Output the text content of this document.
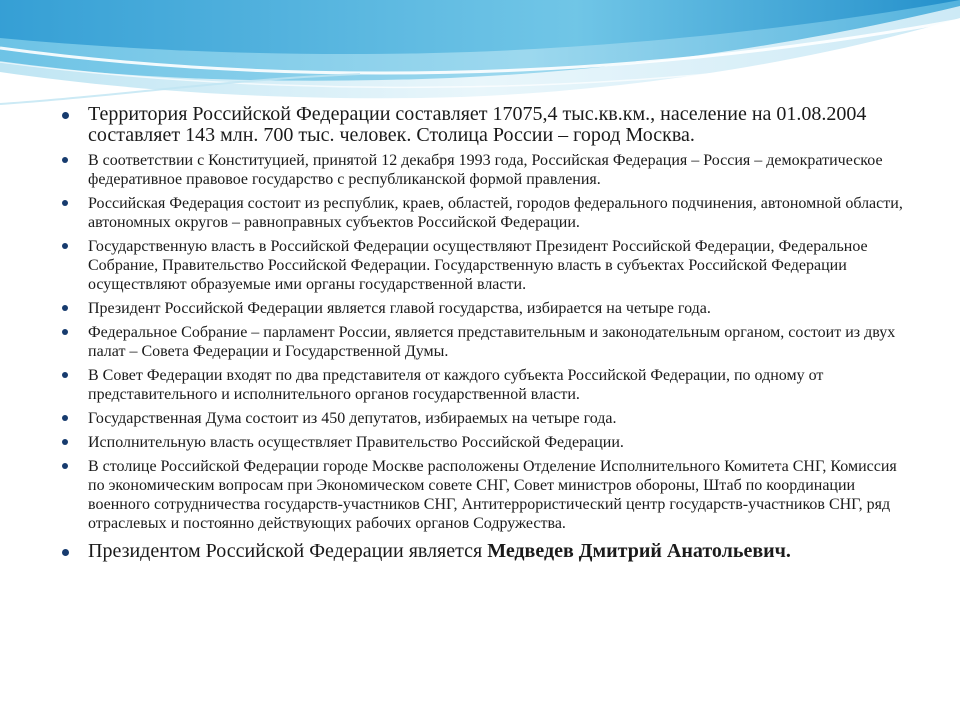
Территория Российской Федерации составляет 17075,4 тыс.кв.км., население на 01.08.2004 составляет 143 млн. 700 тыс. человек. Столица России – город Москва.
В соответствии с Конституцией, принятой 12 декабря 1993 года, Российская Федерация – Россия – демократическое федеративное правовое государство с республиканской формой правления.
Российская Федерация состоит из республик, краев, областей, городов федерального подчинения, автономной области, автономных округов – равноправных субъектов Российской Федерации.
Государственную власть в Российской Федерации осуществляют Президент Российской Федерации, Федеральное Собрание, Правительство Российской Федерации. Государственную власть в субъектах Российской Федерации осуществляют образуемые ими органы государственной власти.
Президент Российской Федерации является главой государства, избирается на четыре года.
Федеральное Собрание – парламент России, является представительным и законодательным органом, состоит из двух палат – Совета Федерации и Государственной Думы.
В Совет Федерации входят по два представителя от каждого субъекта Российской Федерации, по одному от представительного и исполнительного органов государственной власти.
Государственная Дума состоит из 450 депутатов, избираемых на четыре года.
Исполнительную власть осуществляет Правительство Российской Федерации.
В столице Российской Федерации городе Москве расположены Отделение Исполнительного Комитета СНГ, Комиссия по экономическим вопросам при Экономическом совете СНГ, Совет министров обороны, Штаб по координации военного сотрудничества государств-участников СНГ, Антитеррористический центр государств-участников СНГ, ряд отраслевых и постоянно действующих рабочих органов Содружества.
Президентом Российской Федерации является Медведев Дмитрий Анатольевич.
